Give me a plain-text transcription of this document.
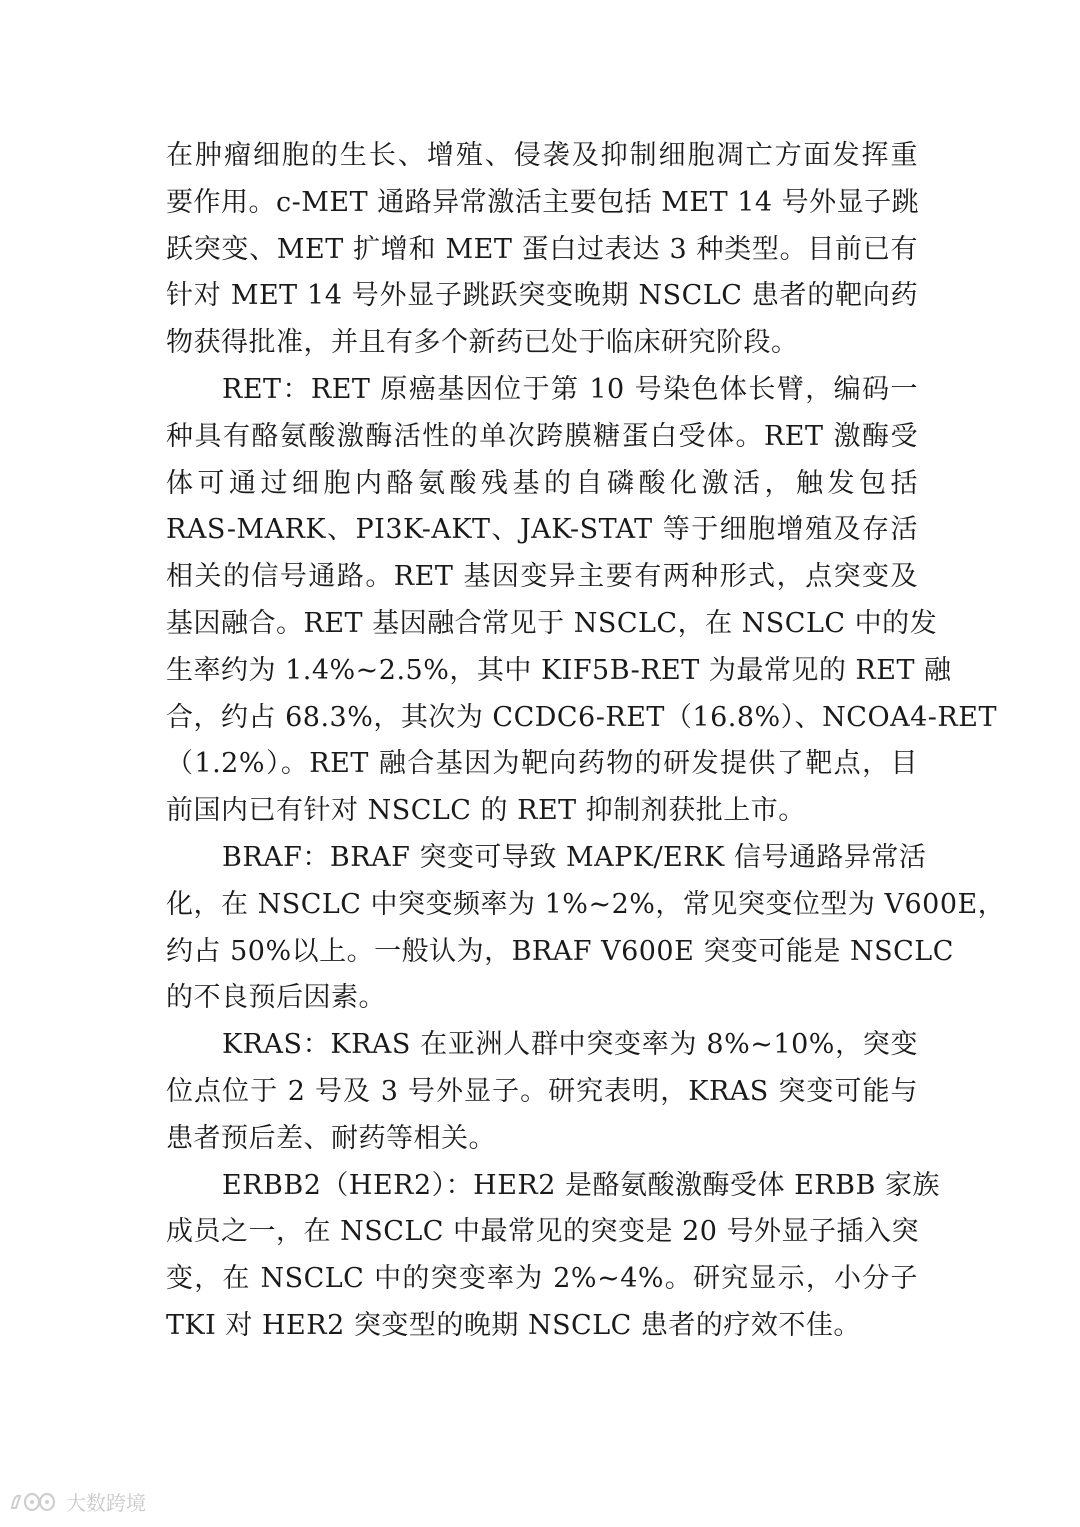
在肿瘤细胞的生长、增殖、侵袭及抑制细胞凋亡方面发挥重
要作用。c-MET 通路异常激活主要包括 MET 14 号外显子跳
跃突变、MET 扩增和 MET 蛋白过表达 3 种类型。目前已有
针对 MET 14 号外显子跳跃突变晚期 NSCLC 患者的靶向药
物获得批准，并且有多个新药已处于临床研究阶段。
RET：RET 原癌基因位于第 10 号染色体长臂，编码一
种具有酪氨酸激酶活性的单次跨膜糖蛋白受体。RET 激酶受
体可通过细胞内酪氨酸残基的自磷酸化激活，触发包括
RAS-MARK、PI3K-AKT、JAK-STAT 等于细胞增殖及存活
相关的信号通路。RET 基因变异主要有两种形式，点突变及
基因融合。RET 基因融合常见于 NSCLC，在 NSCLC 中的发
生率约为 1.4%~2.5%，其中 KIF5B-RET 为最常见的 RET 融
合，约占 68.3%，其次为 CCDC6-RET（16.8%）、NCOA4-RET
（1.2%）。RET 融合基因为靶向药物的研发提供了靶点，目
前国内已有针对 NSCLC 的 RET 抑制剂获批上市。
BRAF：BRAF 突变可导致 MAPK/ERK 信号通路异常活
化，在 NSCLC 中突变频率为 1%~2%，常见突变位型为 V600E，
约占 50%以上。一般认为，BRAF V600E 突变可能是 NSCLC
的不良预后因素。
KRAS：KRAS 在亚洲人群中突变率为 8%~10%，突变
位点位于 2 号及 3 号外显子。研究表明，KRAS 突变可能与
患者预后差、耐药等相关。
ERBB2（HER2）：HER2 是酪氨酸激酶受体 ERBB 家族
成员之一，在 NSCLC 中最常见的突变是 20 号外显子插入突
变，在 NSCLC 中的突变率为 2%~4%。研究显示，小分子
TKI 对 HER2 突变型的晚期 NSCLC 患者的疗效不佳。
大数跨境
